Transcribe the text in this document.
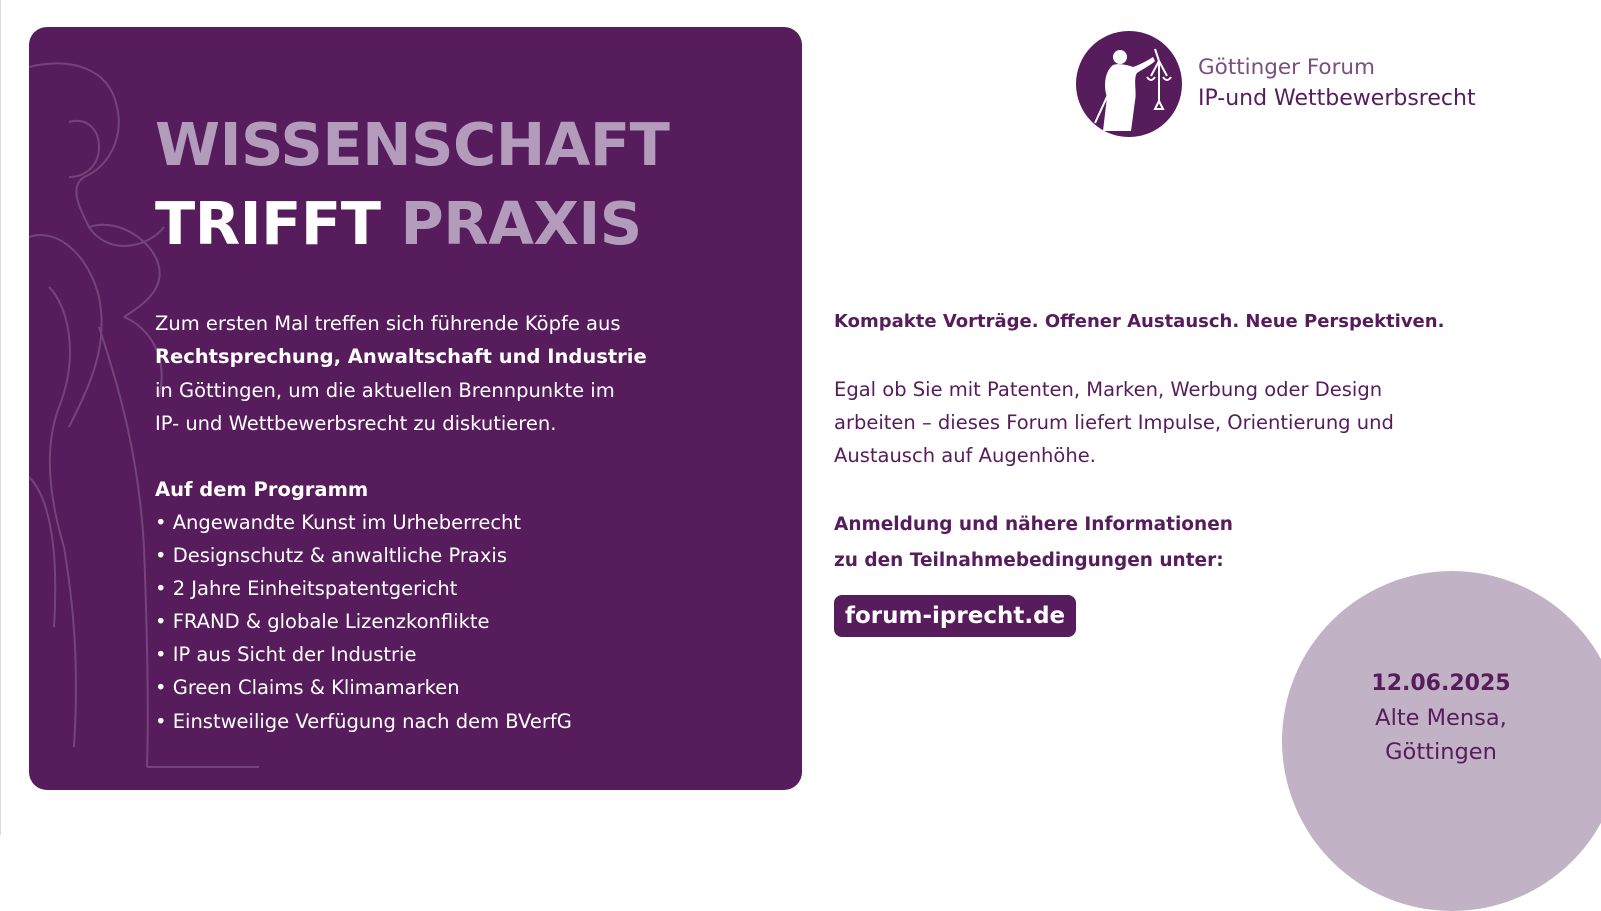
WISSENSCHAFT
TRIFFT PRAXIS

Zum ersten Mal treffen sich führende Köpfe aus
Rechtsprechung, Anwaltschaft und Industrie
in Göttingen, um die aktuellen Brennpunkte im
IP- und Wettbewerbsrecht zu diskutieren.

Auf dem Programm

• Angewandte Kunst im Urheberrecht
• Designschutz & anwaltliche Praxis
• 2 Jahre Einheitspatentgericht
• FRAND & globale Lizenzkonflikte
• IP aus Sicht der Industrie
• Green Claims & Klimamarken
• Einstweilige Verfügung nach dem BVerfG

Göttinger Forum

IP-und Wettbewerbsrecht

Kompakte Vorträge. Offener Austausch. Neue Perspektiven.

Egal ob Sie mit Patenten, Marken, Werbung oder Design
arbeiten – dieses Forum liefert Impulse, Orientierung und
Austausch auf Augenhöhe.

Anmeldung und nähere Informationen
zu den Teilnahmebedingungen unter:

forum-iprecht.de

12.06.2025
Alte Mensa,
Göttingen
